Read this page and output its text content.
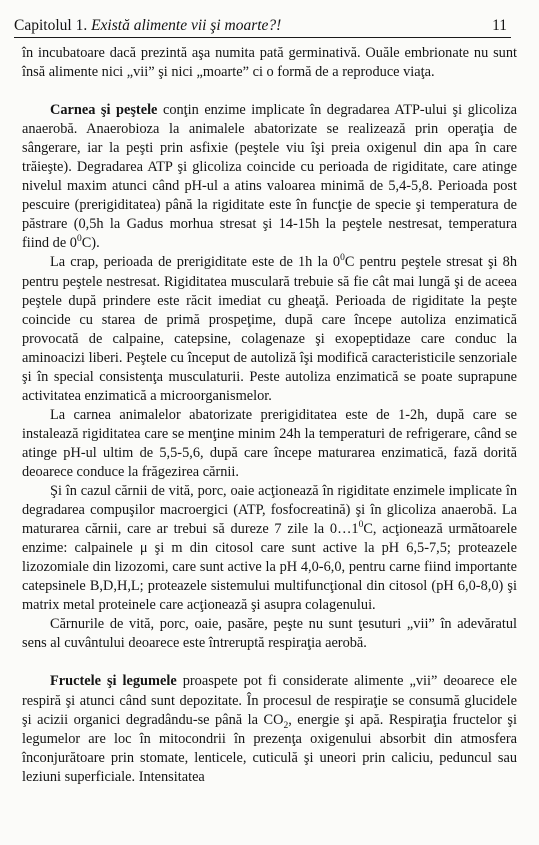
Capitolul 1. Există alimente vii şi moarte?!	11

în incubatoare dacă prezintă aşa numita pată germinativă. Ouăle embrionate nu sunt însă alimente nici „vii” şi nici „moarte” ci o formă de a reproduce viaţa.

Carnea şi peştele conţin enzime implicate în degradarea ATP-ului şi glicoliza anaerobă. Anaerobioza la animalele abatorizate se realizează prin operaţia de sângerare, iar la peşti prin asfixie (peştele viu îşi preia oxigenul din apa în care trăieşte). Degradarea ATP şi glicoliza coincide cu perioada de rigiditate, care atinge nivelul maxim atunci când pH-ul a atins valoarea minimă de 5,4-5,8. Perioada post pescuire (prerigiditatea) până la rigiditate este în funcţie de specie şi temperatura de păstrare (0,5h la Gadus morhua stresat şi 14-15h la peştele nestresat, temperatura fiind de $0^0C$).

La crap, perioada de prerigiditate este de 1h la $0^0C$ pentru peştele stresat şi 8h pentru peştele nestresat. Rigiditatea musculară trebuie să fie cât mai lungă şi de aceea peştele după prindere este răcit imediat cu gheaţă. Perioada de rigiditate la peşte coincide cu starea de primă prospeţime, după care începe autoliza enzimatică provocată de calpaine, catepsine, colagenaze şi exopeptidaze care conduc la aminoacizi liberi. Peştele cu început de autoliză îşi modifică caracteristicile senzoriale şi în special consistenţa musculaturii. Peste autoliza enzimatică se poate suprapune activitatea enzimatică a microorganismelor.

La carnea animalelor abatorizate prerigiditatea este de 1-2h, după care se instalează rigiditatea care se menţine minim 24h la temperaturi de refrigerare, când se atinge pH-ul ultim de 5,5-5,6, după care începe maturarea enzimatică, fază dorită deoarece conduce la frăgezirea cărnii.

Şi în cazul cărnii de vită, porc, oaie acţionează în rigiditate enzimele implicate în degradarea compuşilor macroergici (ATP, fosfocreatină) şi în glicoliza anaerobă. La maturarea cărnii, care ar trebui să dureze 7 zile la $0\dots 1^0C$, acţionează următoarele enzime: calpainele μ şi m din citosol care sunt active la pH 6,5-7,5; proteazele lizozomiale din lizozomi, care sunt active la pH 4,0-6,0, pentru carne fiind importante catepsinele B,D,H,L; proteazele sistemului multifuncţional din citosol (pH 6,0-8,0) şi matrix metal proteinele care acţionează şi asupra colagenului.

Cărnurile de vită, porc, oaie, pasăre, peşte nu sunt ţesuturi „vii” în adevăratul sens al cuvântului deoarece este întreruptă respiraţia aerobă.

Fructele şi legumele proaspete pot fi considerate alimente „vii” deoarece ele respiră şi atunci când sunt depozitate. În procesul de respiraţie se consumă glucidele şi acizii organici degradându-se până la $CO_2$, energie şi apă. Respiraţia fructelor şi legumelor are loc în mitocondrii în prezenţa oxigenului absorbit din atmosfera înconjurătoare prin stomate, lenticele, cuticulă şi uneori prin caliciu, peduncul sau leziuni superficiale. Intensitatea
